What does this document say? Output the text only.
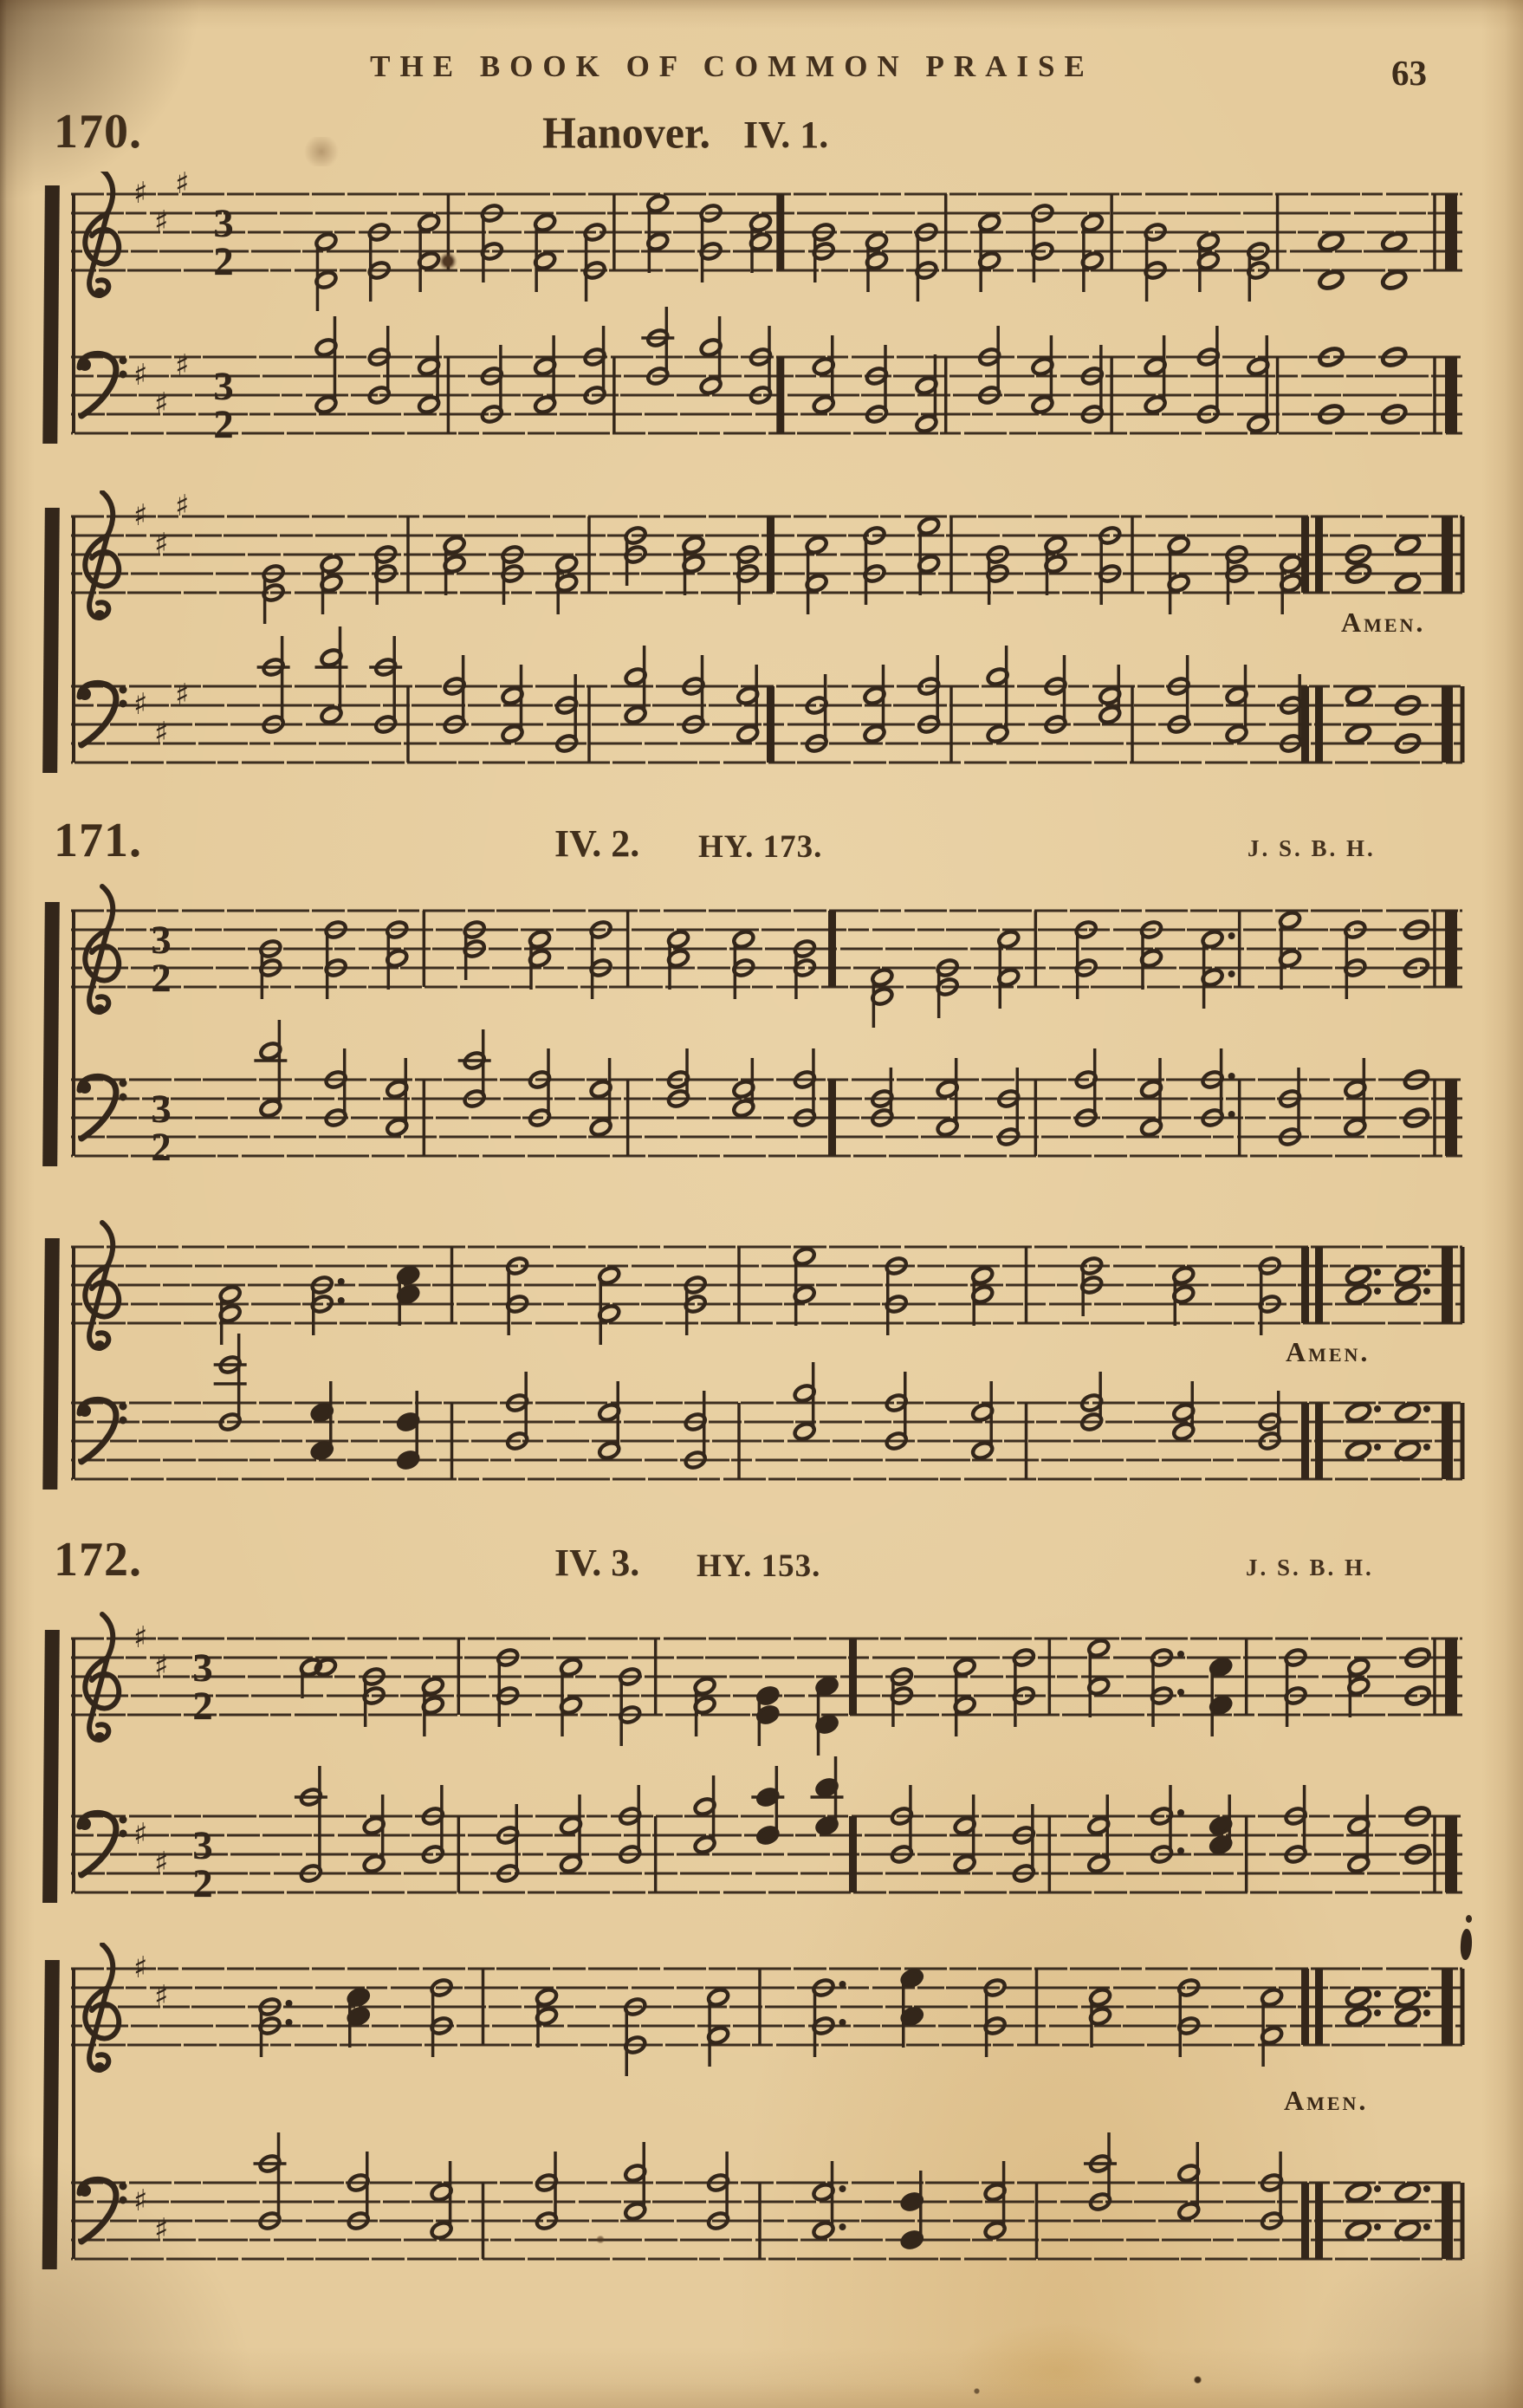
THE BOOK OF COMMON PRAISE	63
170.	Hanover. IV. 1.
♯
♯
♯
♯
♯
♯
3
2
3
2
♯
♯
♯
♯
♯
♯
Amen.
171.	IV. 2. HY. 173.	J. S. B. H.
3
2
3
2
Amen.
172.	IV. 3. HY. 153.	J. S. B. H.
♯
♯
♯
♯
3
2
3
2
♯
♯
♯
♯
Amen.
